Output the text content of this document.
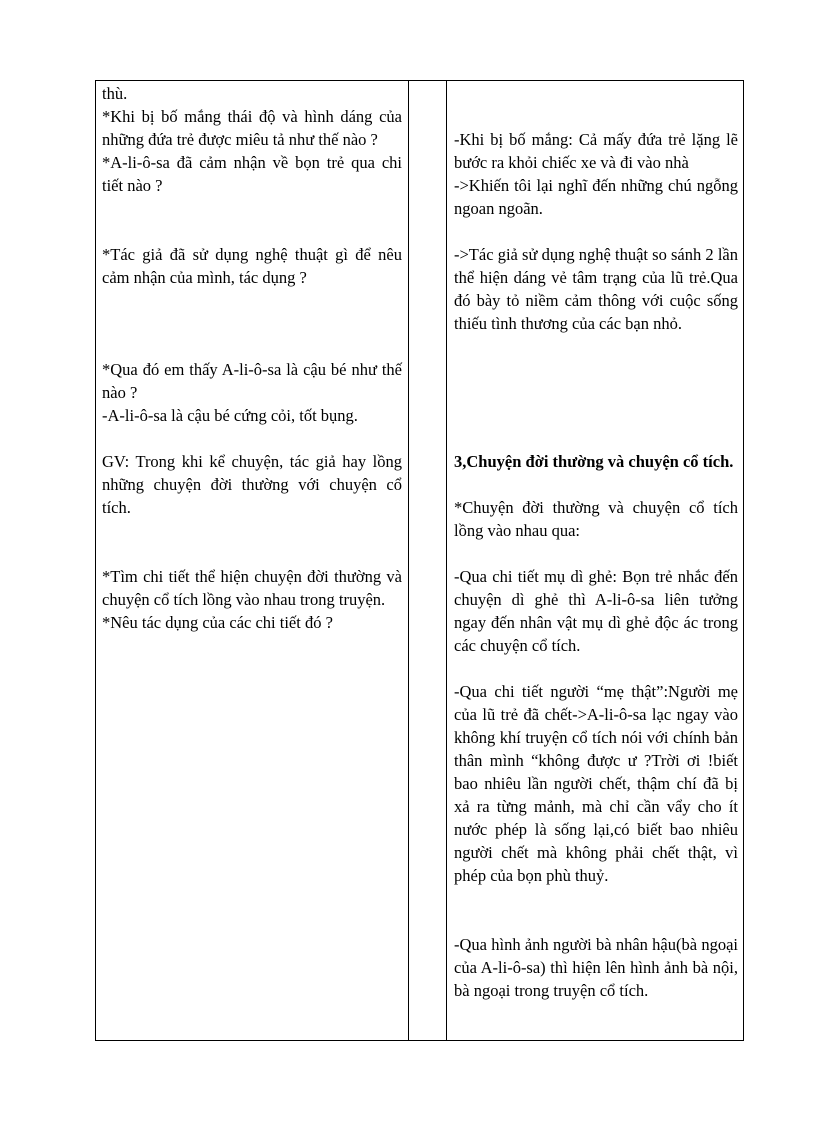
thù.
*Khi bị bố mắng thái độ và hình dáng của những đứa trẻ được miêu tả như thế nào ?
*A-li-ô-sa đã cảm nhận về bọn trẻ qua chi tiết nào ?

*Tác giả đã sử dụng nghệ thuật gì để nêu cảm nhận của mình, tác dụng ?

*Qua đó em thấy A-li-ô-sa là cậu bé như thế nào ?
-A-li-ô-sa là cậu bé cứng cỏi, tốt bụng.

GV: Trong khi kể chuyện, tác giả hay lồng những chuyện đời thường với chuyện cổ tích.

*Tìm chi tiết thể hiện chuyện đời thường và chuyện cổ tích lồng vào nhau trong truyện.
*Nêu tác dụng của các chi tiết đó ?

-Khi bị bố mắng: Cả mấy đứa trẻ lặng lẽ bước ra khỏi chiếc xe và đi vào nhà
->Khiến tôi lại nghĩ đến những chú ngỗng ngoan ngoãn.

->Tác giả sử dụng nghệ thuật so sánh 2 lần thể hiện dáng vẻ tâm trạng của lũ trẻ.Qua đó bày tỏ niềm cảm thông với cuộc sống thiếu tình thương của các bạn nhỏ.

3,Chuyện đời thường và chuyện cổ tích.

*Chuyện đời thường và chuyện cổ tích lồng vào nhau qua:

-Qua chi tiết mụ dì ghẻ: Bọn trẻ nhắc đến chuyện dì ghẻ thì A-li-ô-sa liên tưởng ngay đến nhân vật mụ dì ghẻ độc ác trong các chuyện cổ tích.

-Qua chi tiết người “mẹ thật”:Người mẹ của lũ trẻ đã chết->A-li-ô-sa lạc ngay vào không khí truyện cổ tích nói với chính bản thân mình “không được ư ?Trời ơi !biết bao nhiêu lần người chết, thậm chí đã bị xả ra từng mảnh, mà chỉ cần vẩy cho ít nước phép là sống lại,có biết bao nhiêu người chết mà không phải chết thật, vì phép của bọn phù thuỷ.

-Qua hình ảnh người bà nhân hậu(bà ngoại của A-li-ô-sa) thì hiện lên hình ảnh bà nội, bà ngoại trong truyện cổ tích.
